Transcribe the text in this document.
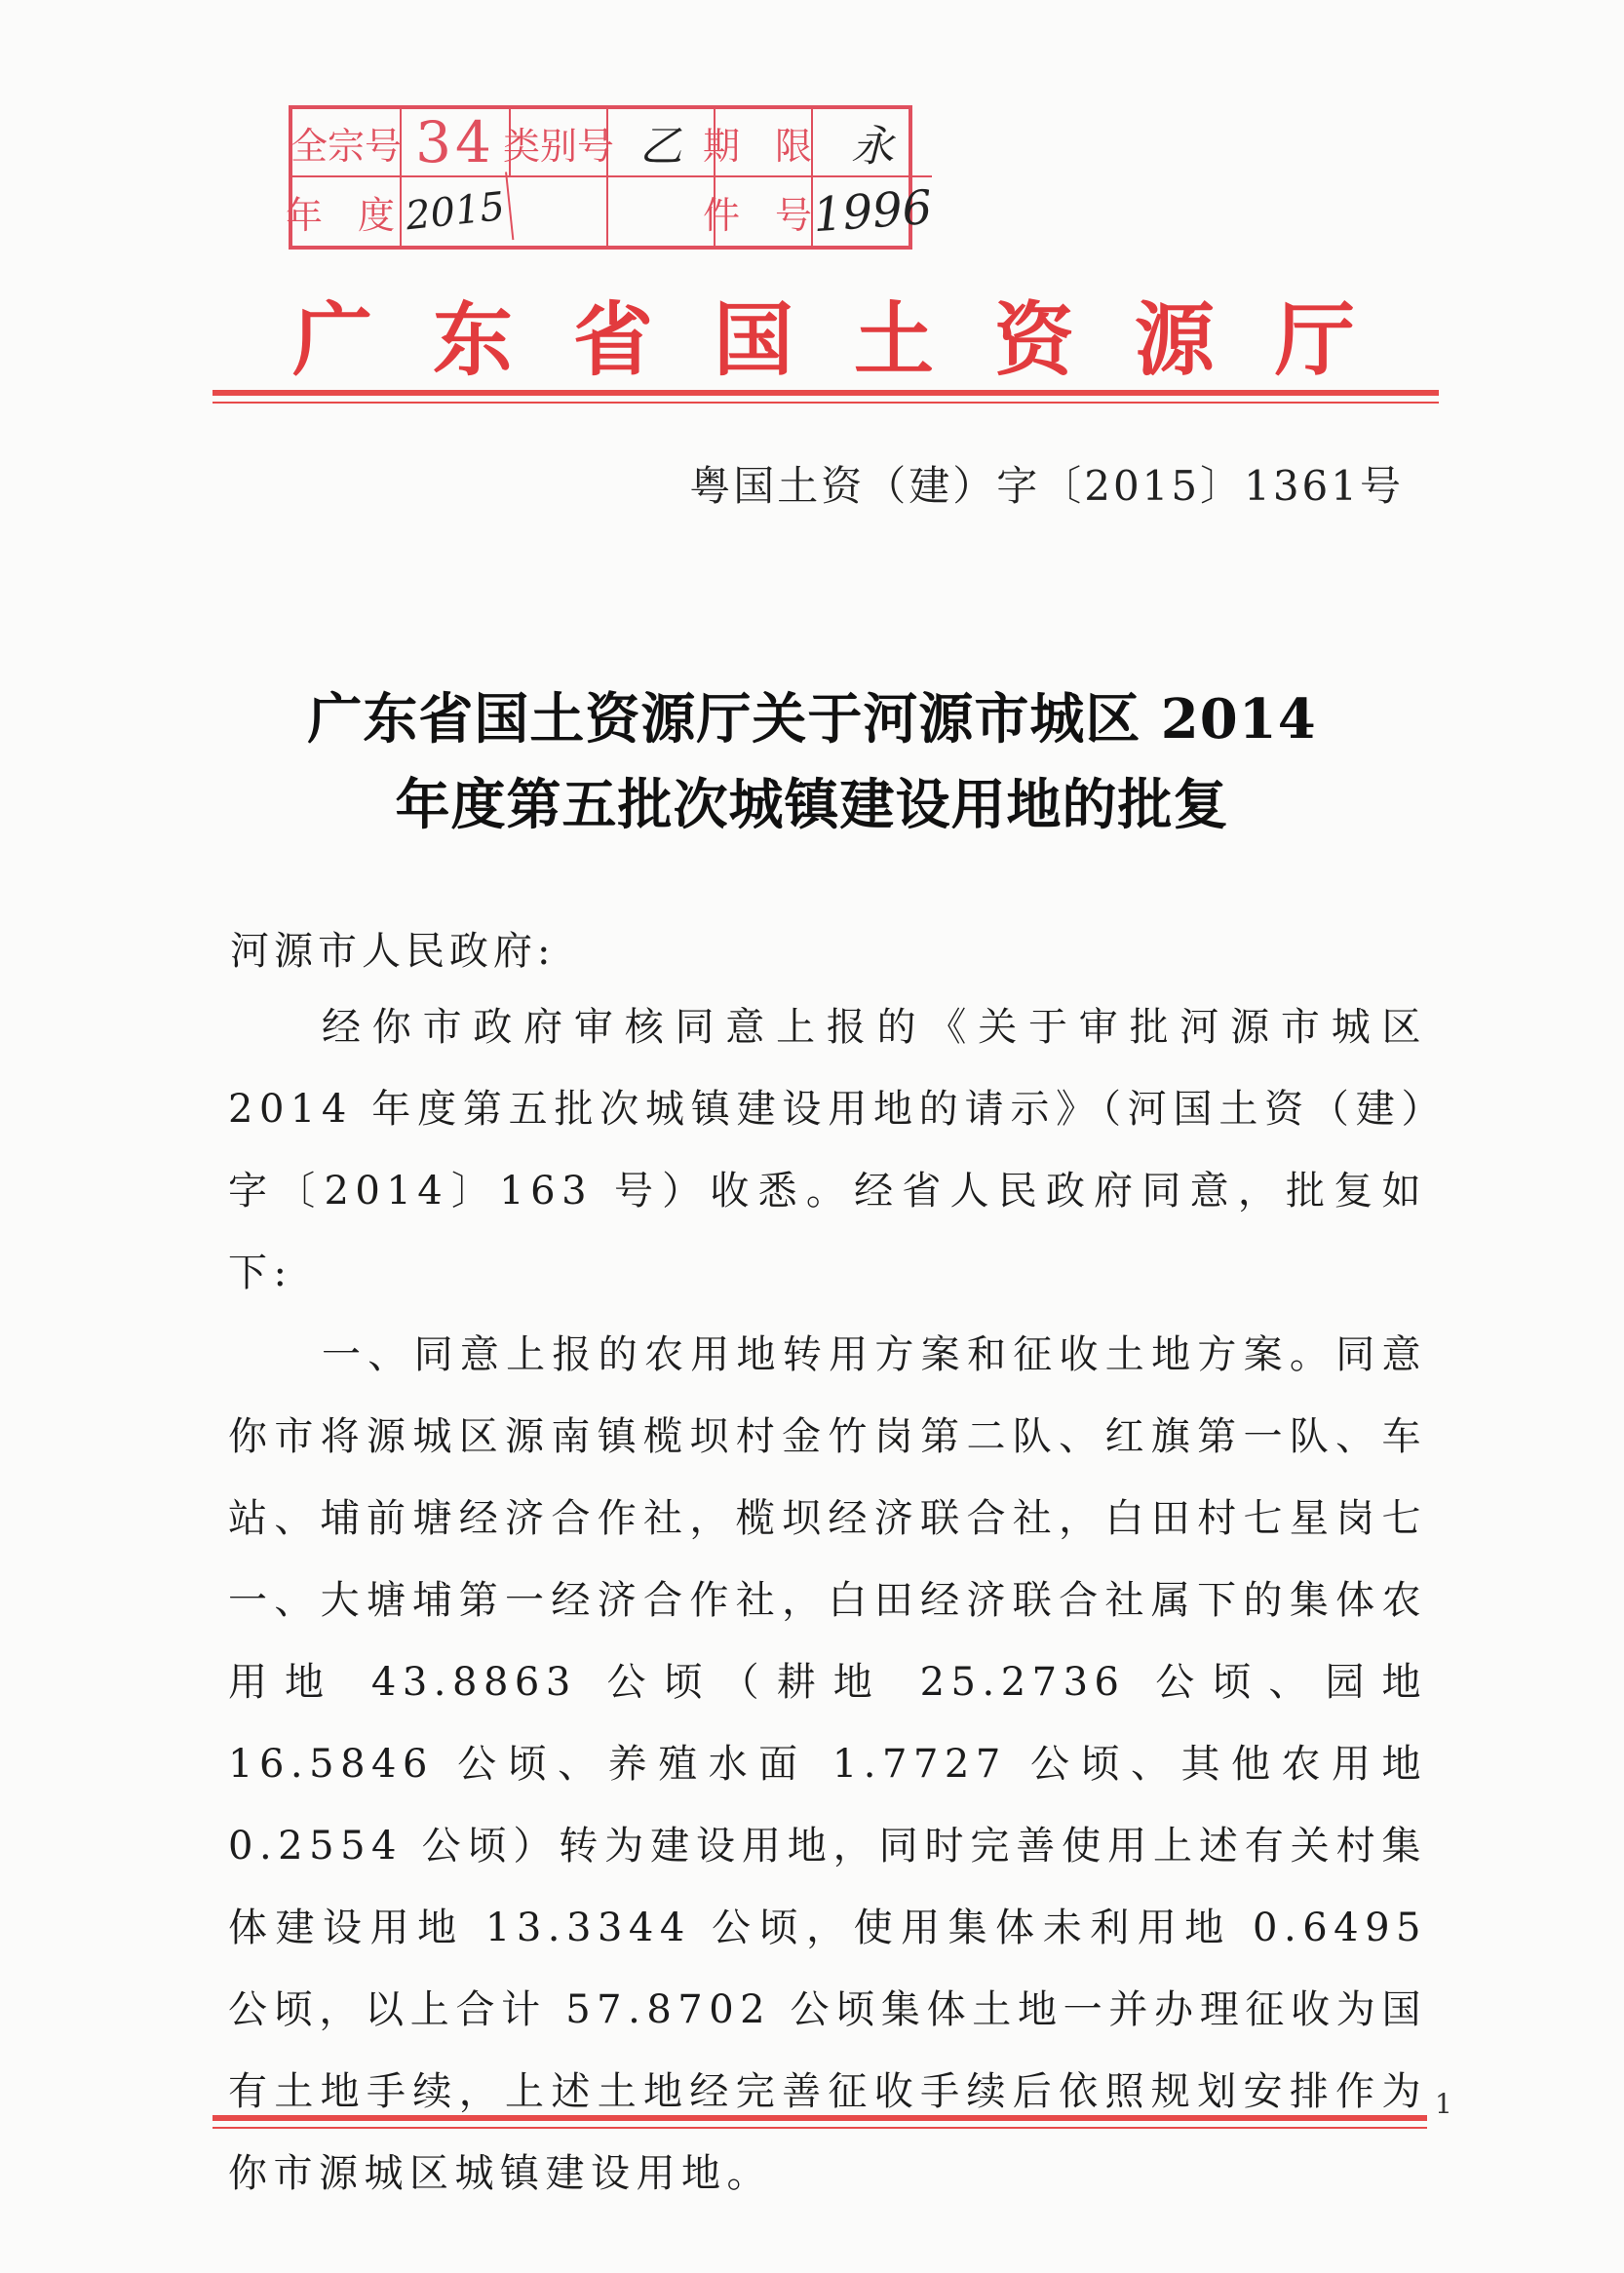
全宗号 34 类别号 乙 期 限 永
年 度
2015	件 号
1996
广 东 省 国 土 资 源 厅
粤国土资（建）字〔2015〕1361号
广东省国土资源厅关于河源市城区 2014
年度第五批次城镇建设用地的批复
河源市人民政府:

经你市政府审核同意上报的《关于审批河源市城区 2014 年度第五批次城镇建设用地的请示》（河国土资（建）字〔2014〕163 号）收悉。经省人民政府同意，批复如下:

一、同意上报的农用地转用方案和征收土地方案。同意你市将源城区源南镇榄坝村金竹岗第二队、红旗第一队、车站、埔前塘经济合作社，榄坝经济联合社，白田村七星岗七一、大塘埔第一经济合作社，白田经济联合社属下的集体农用地 43.8863 公顷（耕地 25.2736 公顷、园地 16.5846 公顷、养殖水面 1.7727 公顷、其他农用地 0.2554 公顷）转为建设用地，同时完善使用上述有关村集体建设用地 13.3344 公顷，使用集体未利用地 0.6495 公顷，以上合计 57.8702 公顷集体土地一并办理征收为国有土地手续，上述土地经完善征收手续后依照规划安排作为你市源城区城镇建设用地。

1
